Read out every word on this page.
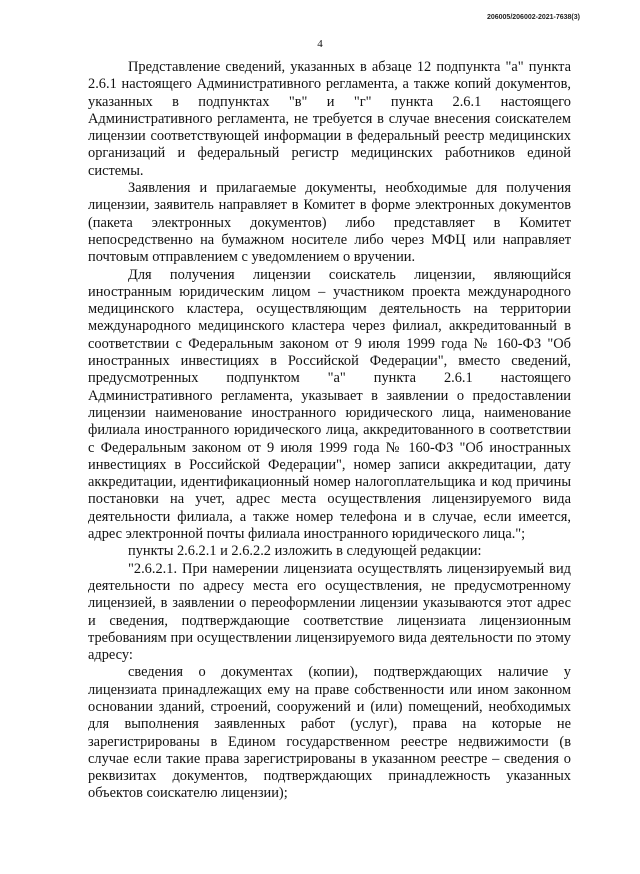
206005/206002-2021-7638(3)
4

Представление сведений, указанных в абзаце 12 подпункта "а" пункта 2.6.1 настоящего Административного регламента, а также копий документов, указанных в подпунктах "в" и "г" пункта 2.6.1 настоящего Административного регламента, не требуется в случае внесения соискателем лицензии соответствующей информации в федеральный реестр медицинских организаций и федеральный регистр медицинских работников единой системы.

Заявления и прилагаемые документы, необходимые для получения лицензии, заявитель направляет в Комитет в форме электронных документов (пакета электронных документов) либо представляет в Комитет непосредственно на бумажном носителе либо через МФЦ или направляет почтовым отправлением с уведомлением о вручении.

Для получения лицензии соискатель лицензии, являющийся иностранным юридическим лицом – участником проекта международного медицинского кластера, осуществляющим деятельность на территории международного медицинского кластера через филиал, аккредитованный в соответствии с Федеральным законом от 9 июля 1999 года № 160-ФЗ "Об иностранных инвестициях в Российской Федерации", вместо сведений, предусмотренных подпунктом "а" пункта 2.6.1 настоящего Административного регламента, указывает в заявлении о предоставлении лицензии наименование иностранного юридического лица, наименование филиала иностранного юридического лица, аккредитованного в соответствии с Федеральным законом от 9 июля 1999 года № 160-ФЗ "Об иностранных инвестициях в Российской Федерации", номер записи аккредитации, дату аккредитации, идентификационный номер налогоплательщика и код причины постановки на учет, адрес места осуществления лицензируемого вида деятельности филиала, а также номер телефона и в случае, если имеется, адрес электронной почты филиала иностранного юридического лица.";

пункты 2.6.2.1 и 2.6.2.2 изложить в следующей редакции:

"2.6.2.1. При намерении лицензиата осуществлять лицензируемый вид деятельности по адресу места его осуществления, не предусмотренному лицензией, в заявлении о переоформлении лицензии указываются этот адрес и сведения, подтверждающие соответствие лицензиата лицензионным требованиям при осуществлении лицензируемого вида деятельности по этому адресу:

сведения о документах (копии), подтверждающих наличие у лицензиата принадлежащих ему на праве собственности или ином законном основании зданий, строений, сооружений и (или) помещений, необходимых для выполнения заявленных работ (услуг), права на которые не зарегистрированы в Едином государственном реестре недвижимости (в случае если такие права зарегистрированы в указанном реестре – сведения о реквизитах документов, подтверждающих принадлежность указанных объектов соискателю лицензии);
